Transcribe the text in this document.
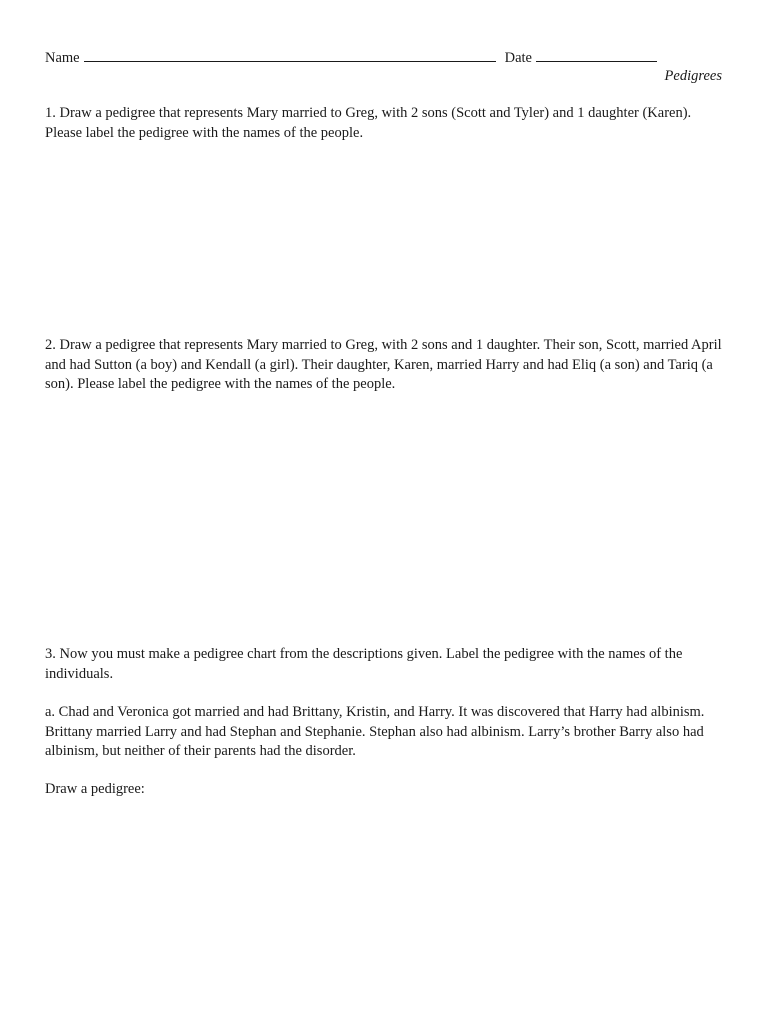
Name	Date
Pedigrees

1. Draw a pedigree that represents Mary married to Greg, with 2 sons (Scott and Tyler) and 1 daughter (Karen). Please label the pedigree with the names of the people.

2. Draw a pedigree that represents Mary married to Greg, with 2 sons and 1 daughter. Their son, Scott, married April and had Sutton (a boy) and Kendall (a girl). Their daughter, Karen, married Harry and had Eliq (a son) and Tariq (a son). Please label the pedigree with the names of the people.

3. Now you must make a pedigree chart from the descriptions given. Label the pedigree with the names of the individuals.

a. Chad and Veronica got married and had Brittany, Kristin, and Harry. It was discovered that Harry had albinism. Brittany married Larry and had Stephan and Stephanie. Stephan also had albinism. Larry’s brother Barry also had albinism, but neither of their parents had the disorder.

Draw a pedigree:
